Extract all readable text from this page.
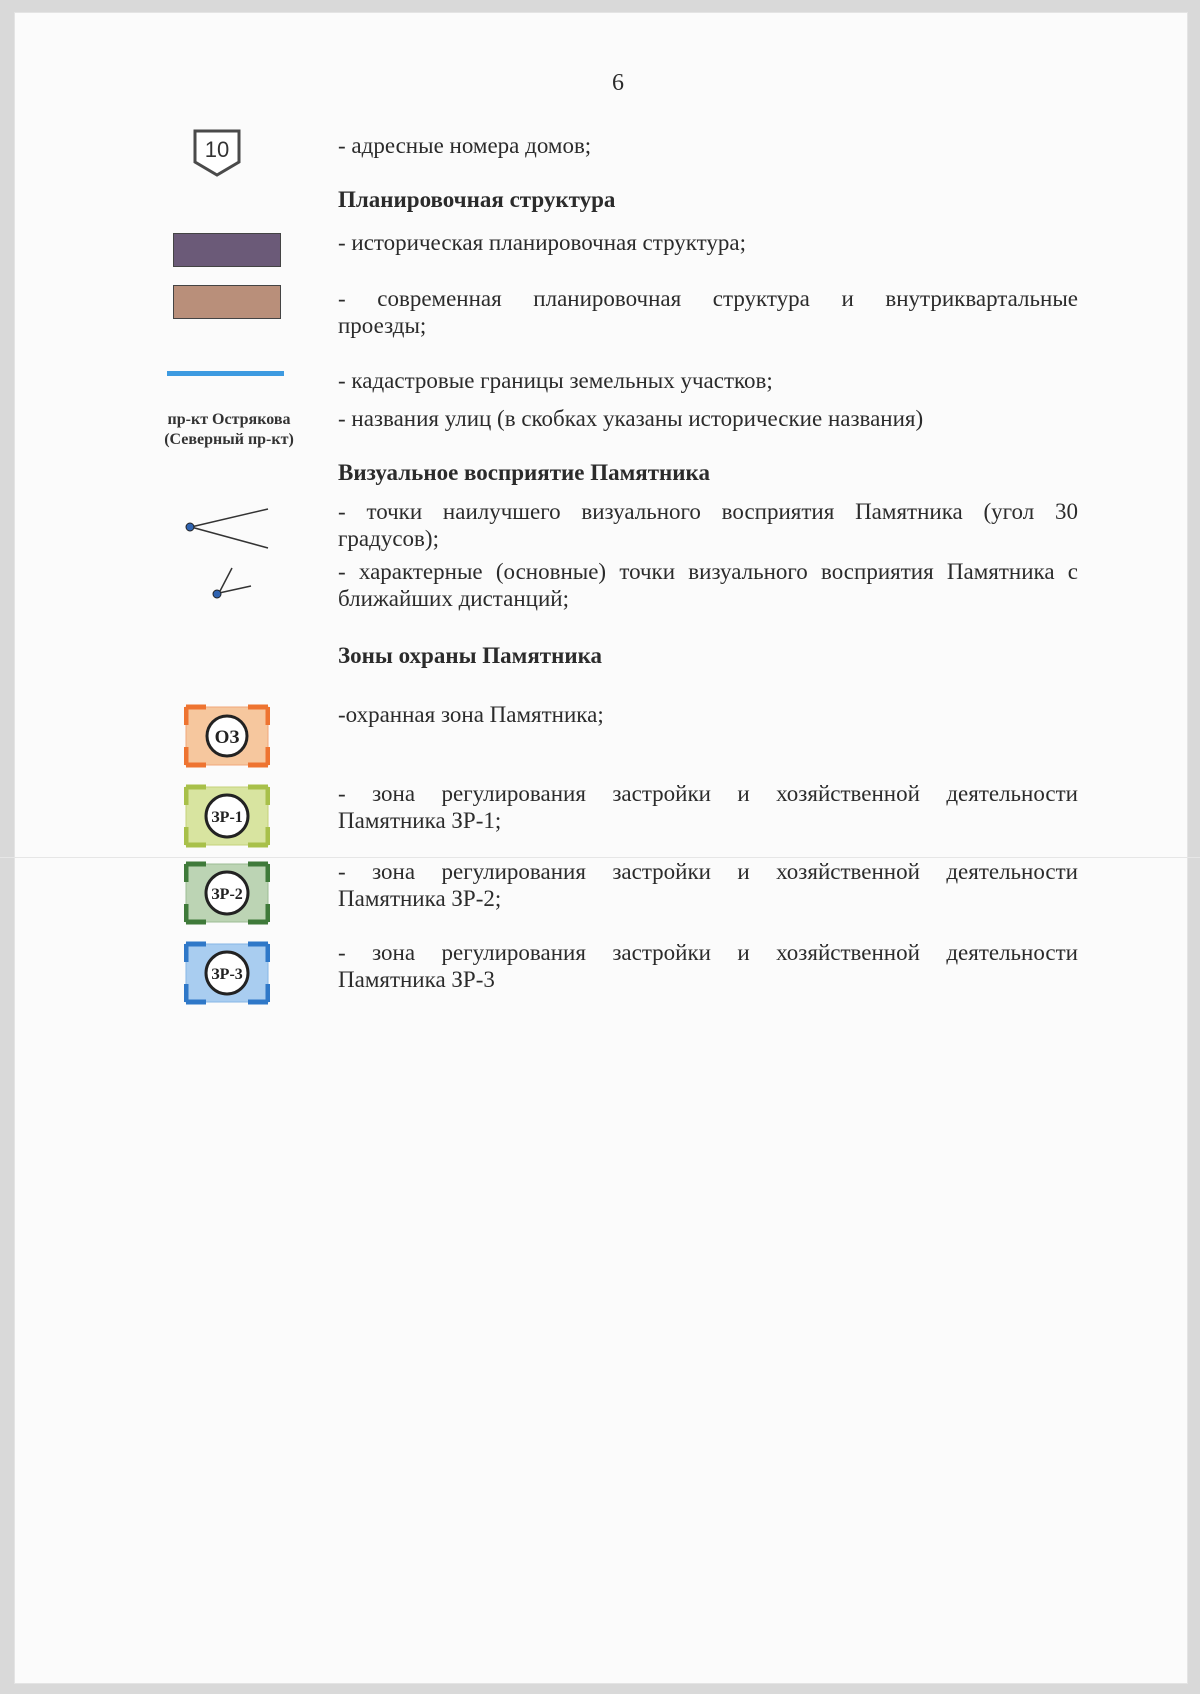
6
10	- адресные номера домов;
Планировочная структура
- историческая планировочная структура;
- современная планировочная структура и внутриквартальные
проезды;
- кадастровые границы земельных участков;
пр-кт Острякова
(Северный пр-кт)
- названия улиц (в скобках указаны исторические названия)
Визуальное восприятие Памятника
- точки наилучшего визуального восприятия Памятника (угол 30
градусов);
- характерные (основные) точки визуального восприятия Памятника с
ближайших дистанций;
Зоны охраны Памятника
ОЗ
-охранная зона Памятника;
ЗР-1
- зона регулирования застройки и хозяйственной деятельности
Памятника ЗР-1;
ЗР-2
- зона регулирования застройки и хозяйственной деятельности
Памятника ЗР-2;
ЗР-3
- зона регулирования застройки и хозяйственной деятельности
Памятника ЗР-3
